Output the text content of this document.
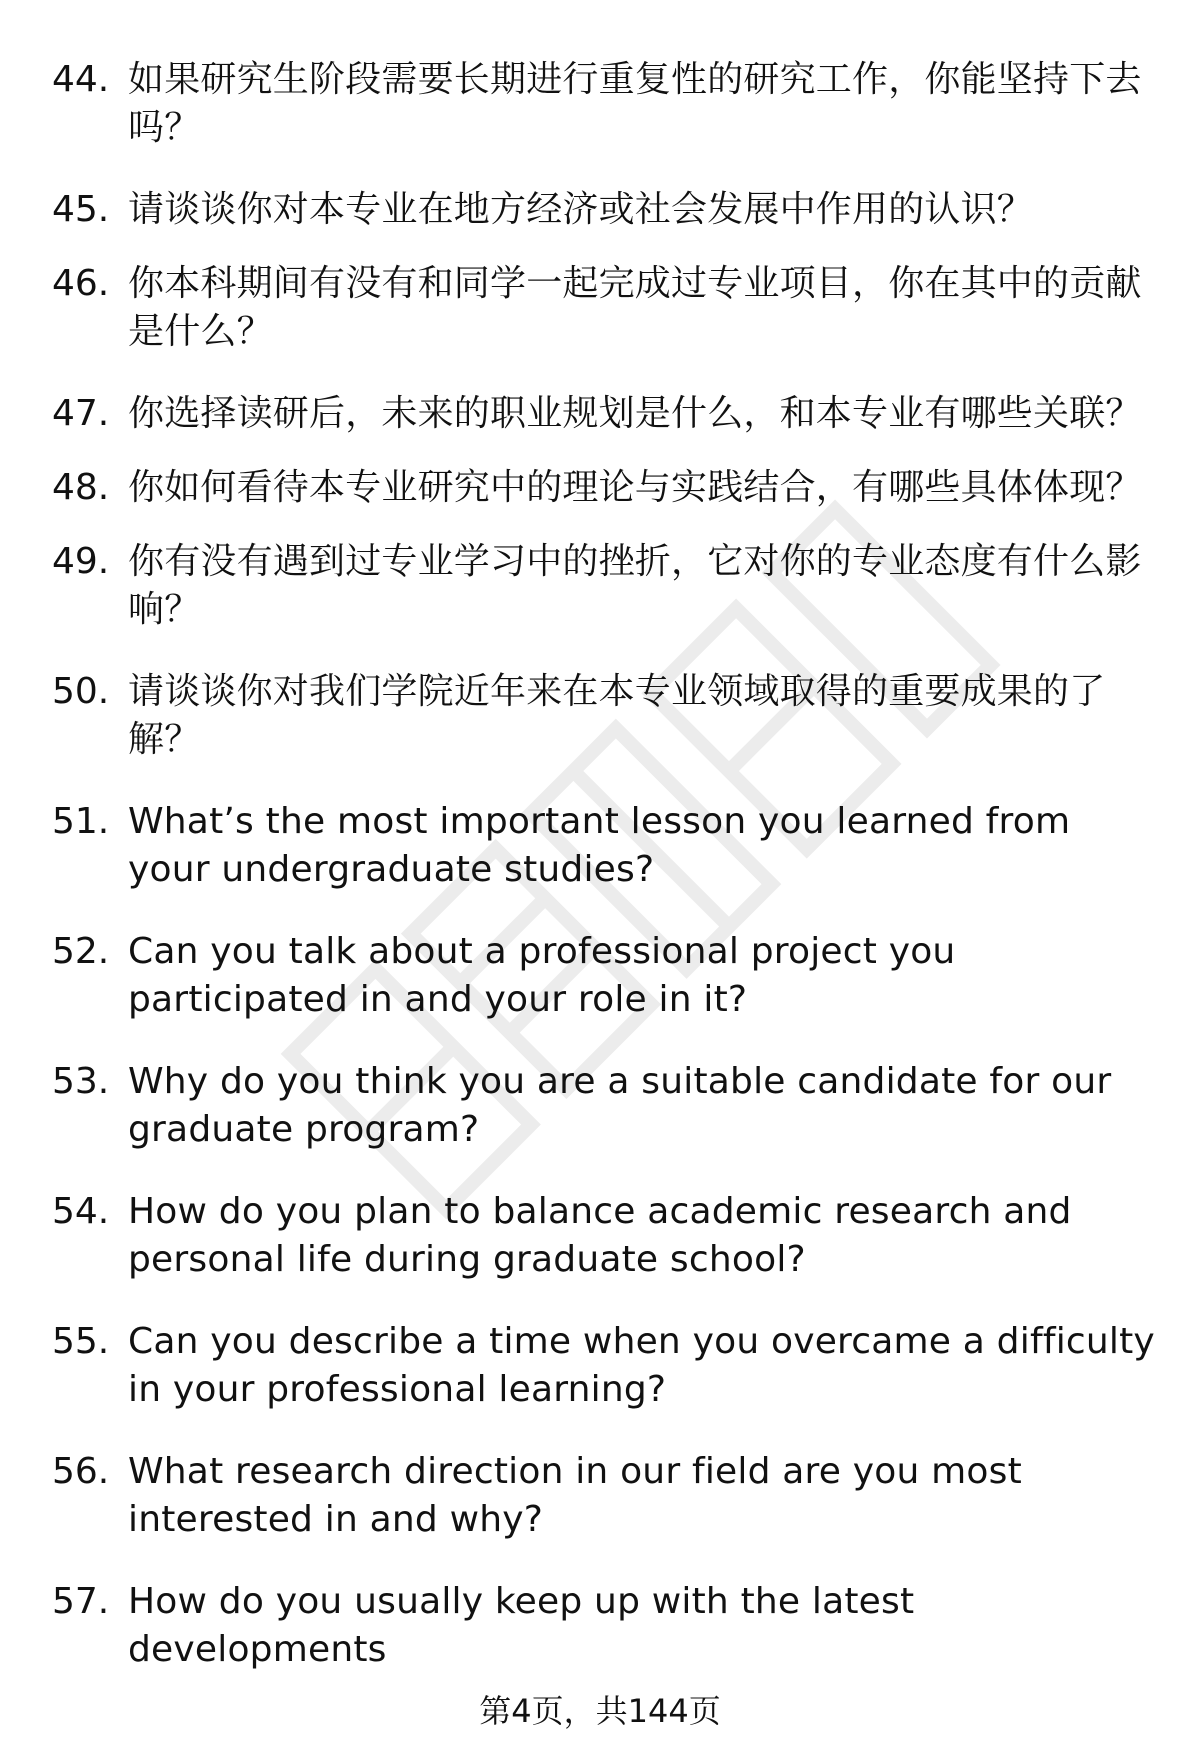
44. 如果研究生阶段需要长期进行重复性的研究工作，你能坚持下去吗？
45. 请谈谈你对本专业在地方经济或社会发展中作用的认识？
46. 你本科期间有没有和同学一起完成过专业项目，你在其中的贡献是什么？
47. 你选择读研后，未来的职业规划是什么，和本专业有哪些关联？
48. 你如何看待本专业研究中的理论与实践结合，有哪些具体体现？
49. 你有没有遇到过专业学习中的挫折，它对你的专业态度有什么影响？
50. 请谈谈你对我们学院近年来在本专业领域取得的重要成果的了解？
51. What’s the most important lesson you learned from your undergraduate studies?
52. Can you talk about a professional project you participated in and your role in it?
53. Why do you think you are a suitable candidate for our graduate program?
54. How do you plan to balance academic research and personal life during graduate school?
55. Can you describe a time when you overcame a difficulty in your professional learning?
56. What research direction in our field are you most interested in and why?
57. How do you usually keep up with the latest developments
第4页，共144页
